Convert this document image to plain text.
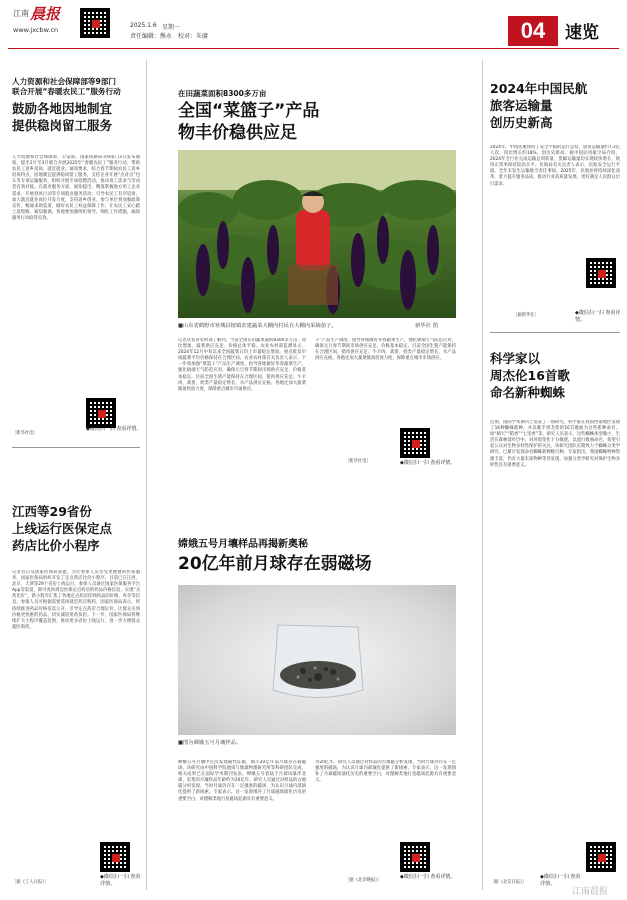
江南 晨报
www.jxcbw.cn
2025.1.6 星期一
责任编辑：熊永 校对：朱赓	04	速览
人力资源和社会保障部等9部门
联合开展“春暖农民工”服务行动
鼓励各地因地制宜
提供稳岗留工服务
人力资源和社会保障部、公安部、国家铁路局等9部门3日发布通知，提出1月至3月联合开展2025年“春暖农民工”服务行动，帮助农民工返乡返岗、就近就业。通知要求，结合春节期间农民工返乡返岗特点，因地制宜提供稳岗留工服务，支持企业开展“点对点”包车等专项运输服务，组织开展专场招聘活动，推动用工需求与劳动者有效对接。在就业服务方面，通知提出，精准掌握地方用工企业需求，开展春风行动等专项就业服务活动；引导农民工有序返岗，加大就近就业岗位开发力度，支持返乡创业。参与单位将加强政策宣传，畅通求助渠道，做好农民工权益保障工作，让农民工安心踏上返程路。通知强调，各地要加强组织领导，细化工作措施，确保服务行动取得实效。
［新华社电］
◆微信扫一扫 查看详情。
江西等29省份
上线运行医保定点
药店比价小程序
记者近日从国家医保局获悉，为让参保人员享受更便捷的医保服务，国家医保局组织开发了定点药店比价小程序，目前已在江西、北京、天津等29个省份上线运行。参保人员通过国家医保服务平台App等渠道，即可查询周边医保定点药店的药品价格信息，实现“买药比价”。新小程序汇集了各地定点药店挂网药品的价格、库存等信息，参保人员可根据需要选择就近药店购药。国家医保局表示，将持续推进药品价格信息公开，引导定点药店合理定价，让群众买到价格更优惠的药品，切实减轻用药负担。下一步，国家医保局将继续扩大小程序覆盖范围，推动更多省份上线运行，进一步方便群众就医购药。
［据《工人日报》］
◆微信扫一扫 查看详情。
在田蔬菜面积8300多万亩
全国“菜篮子”产品
物丰价稳供应足
■山东省鹤野市寒城县辖镇农建蔬菜大棚内村民在大棚内采摘茄子。	新华社 图
记者从农业农村部了解到，当前全国在田蔬菜面积8300多万亩，同比增加，蔬菜供应充足，价格总体平稳。农业农村部监测显示，2024年12月中旬以来全国蔬菜日均上市量稳定增加，重点批发市场蔬菜平均价格保持在合理区间。农业农村部有关负责人表示，下一步将加强“菜篮子”产品生产调度，指导各地做好冬春蔬菜生产，强化极端天气防范应对，确保元旦春节期间市场供应充足、价格基本稳定。目前全国生猪产能保持在合理区间，猪肉供应充足；牛羊肉、禽蛋、奶类产量稳定增长，水产品供应充裕。各地还加大蔬菜储备投放力度，保障重点城市市场供应。
子”产品生产调度，指导各地做好冬春蔬菜生产，强化极端天气防范应对，确保元旦春节期间市场供应充足、价格基本稳定。目前全国生猪产能保持在合理区间，猪肉供应充足；牛羊肉、禽蛋、奶类产量稳定增长，水产品供应充裕。各地还加大蔬菜储备投放力度，保障重点城市市场供应。
［新华社电］	◆微信扫一扫 查看详情。
嫦娥五号月壤样品再揭新奥秘
20亿年前月球存在弱磁场
■图为嫦娥五号月壤样品。
嫦娥五号月壤中首次发现磁性证据，揭示20亿年前月球存在弱磁场。该研究由中国科学院地质与地球物理研究所等科研团队完成，相关成果已在国际学术期刊发表。嫦娥五号着陆于月球风暴洋北部，采集的月壤样品年龄约为20亿年。研究人员通过对样品的古地磁分析发现，当时月球仍存在一定强度的磁场，为认识月球内部演化提供了新线索。专家表示，这一发现填补了月球磁场演化历史的重要空白，对理解类地行星磁场起源具有重要意义。
为20亿年。研究人员通过对样品的古地磁分析发现，当时月球仍存在一定强度的磁场，为认识月球内部演化提供了新线索。专家表示，这一发现填补了月球磁场演化历史的重要空白，对理解类地行星磁场起源具有重要意义。
［据《北京晚报》］
◆微信扫一扫 查看详情。
2024年中国民航
旅客运输量
创历史新高
2024年，中国民航保持了安全平稳的运行态势，旅客运输量约7.3亿人次，同比增长约18%，创历史新高。据中国民用航空局介绍，2024年全行业完成运输总周转量、货邮运输量均实现较快增长，航班正常率保持较高水平。民航局有关负责人表示，民航安全运行平稳，全年未发生运输航空责任事故。2025年，民航业将持续深化改革，着力提升服务品质，推动行业高质量发展，更好满足人民群众出行需求。
［据新华社］	◆微信扫一扫 查看详情。
科学家以
周杰伦16首歌
命名新种蜘蛛
近期，国际学术期刊上发表了一项研究，科学家在我国西南地区发现了16种蜘蛛新种，并以歌手周杰伦的16首歌曲为这些新种命名，如“晴天”“稻香”“七里香”等。研究人员表示，这些蜘蛛体型微小，生活在森林落叶层中，对环境变化十分敏感。以流行歌曲命名，希望引起公众对生物多样性保护的关注。该研究团队长期致力于蜘蛛分类学研究，已累计发现命名蜘蛛新种数百种。专家指出，我国蜘蛛物种资源丰富，仍有大量未知物种等待发现，加强分类学研究对保护生物多样性具有重要意义。
［据《北京日报》］
◆微信扫一扫 查看详情。
江南晨报
